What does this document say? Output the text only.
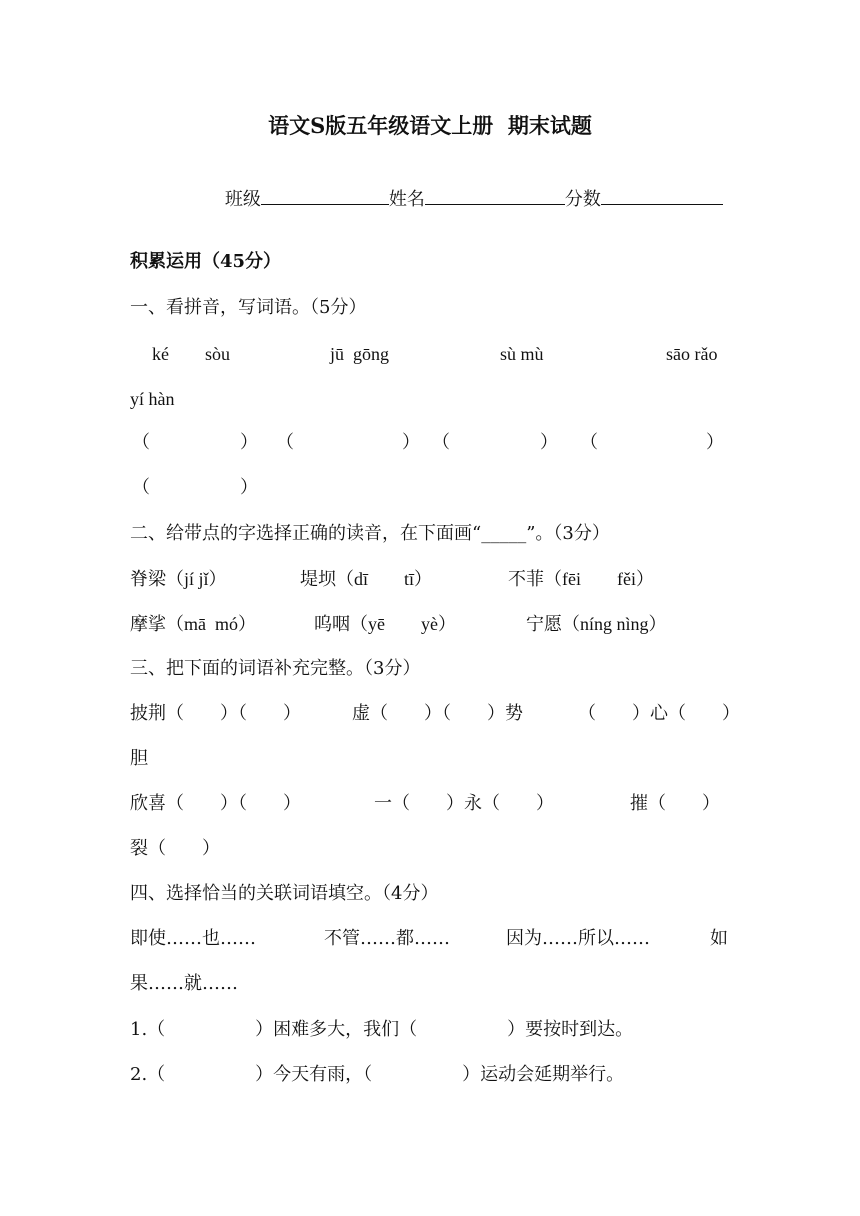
语文S版五年级语文上册  期末试题

班级	姓名	分数

积累运用（45分）
一、看拼音，写词语。（5分）
ké　　sòu	jū  gōng	sù mù	sāo rǎo
yí hàn
（　　　　　） （　　　　　　） （　　　　　） （　　　　　　）
（　　　　　）
二、给带点的字选择正确的读音，在下面画“_____”。（3分）
脊梁（jí jǐ）	堤坝（dī　　tī）	不菲（fēi　　fěi）
摩挲（mā  mó）	呜咽（yē　　yè）	宁愿（níng nìng）
三、把下面的词语补充完整。（3分）
披荆（　　）（　　）	虚（　　）（　　）势	（　　）心（　　）
胆
欣喜（　　）（　　）	一（　　）永（　　）	摧（　　）
裂（　　）
四、选择恰当的关联词语填空。（4分）
即使……也……	不管……都……	因为……所以……	如
果……就……
1.（　　　　　）困难多大，我们（　　　　　）要按时到达。
2.（　　　　　）今天有雨，（　　　　　）运动会延期举行。
